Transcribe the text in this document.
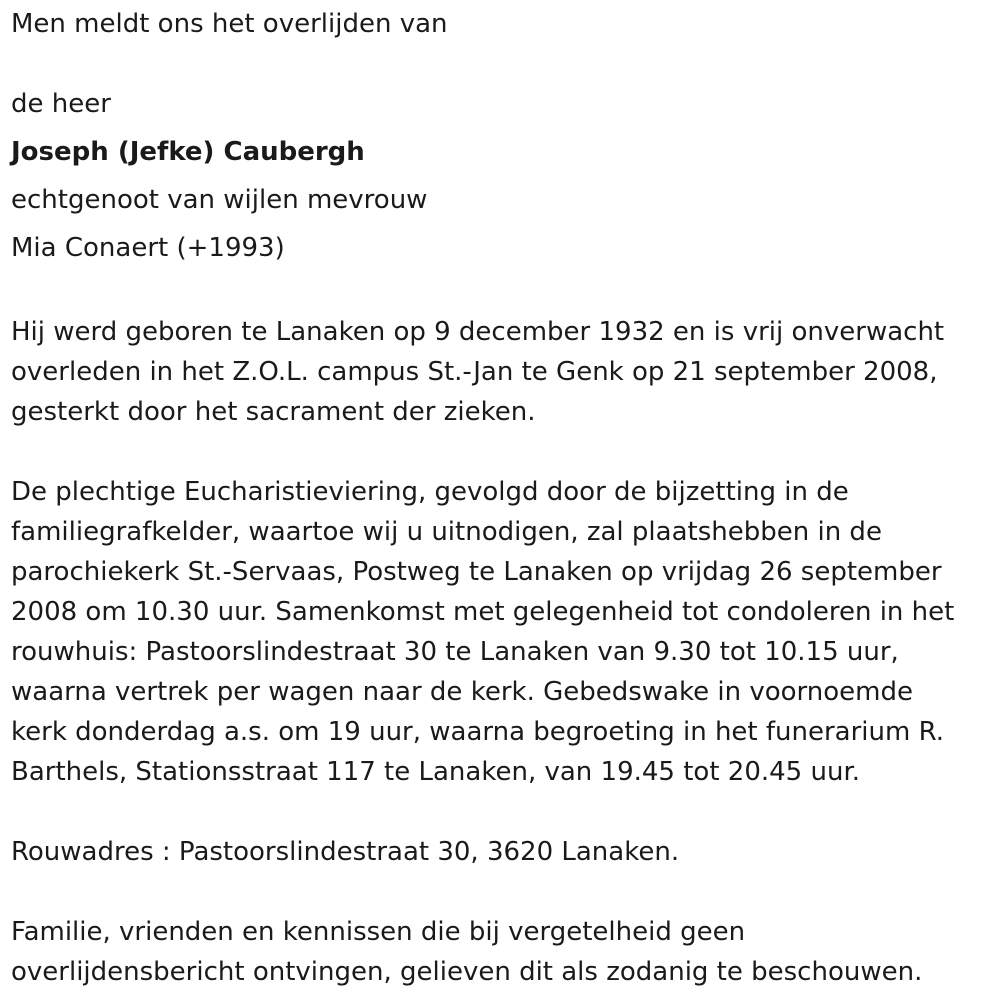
Men meldt ons het overlijden van

de heer

Joseph (Jefke) Caubergh

echtgenoot van wijlen mevrouw

Mia Conaert (+1993)

Hij werd geboren te Lanaken op 9 december 1932 en is vrij onverwacht
overleden in het Z.O.L. campus St.-Jan te Genk op 21 september 2008,
gesterkt door het sacrament der zieken.

De plechtige Eucharistieviering, gevolgd door de bijzetting in de
familiegrafkelder, waartoe wij u uitnodigen, zal plaatshebben in de
parochiekerk St.-Servaas, Postweg te Lanaken op vrijdag 26 september
2008 om 10.30 uur. Samenkomst met gelegenheid tot condoleren in het
rouwhuis: Pastoorslindestraat 30 te Lanaken van 9.30 tot 10.15 uur,
waarna vertrek per wagen naar de kerk. Gebedswake in voornoemde
kerk donderdag a.s. om 19 uur, waarna begroeting in het funerarium R.
Barthels, Stationsstraat 117 te Lanaken, van 19.45 tot 20.45 uur.

Rouwadres : Pastoorslindestraat 30, 3620 Lanaken.

Familie, vrienden en kennissen die bij vergetelheid geen
overlijdensbericht ontvingen, gelieven dit als zodanig te beschouwen.
